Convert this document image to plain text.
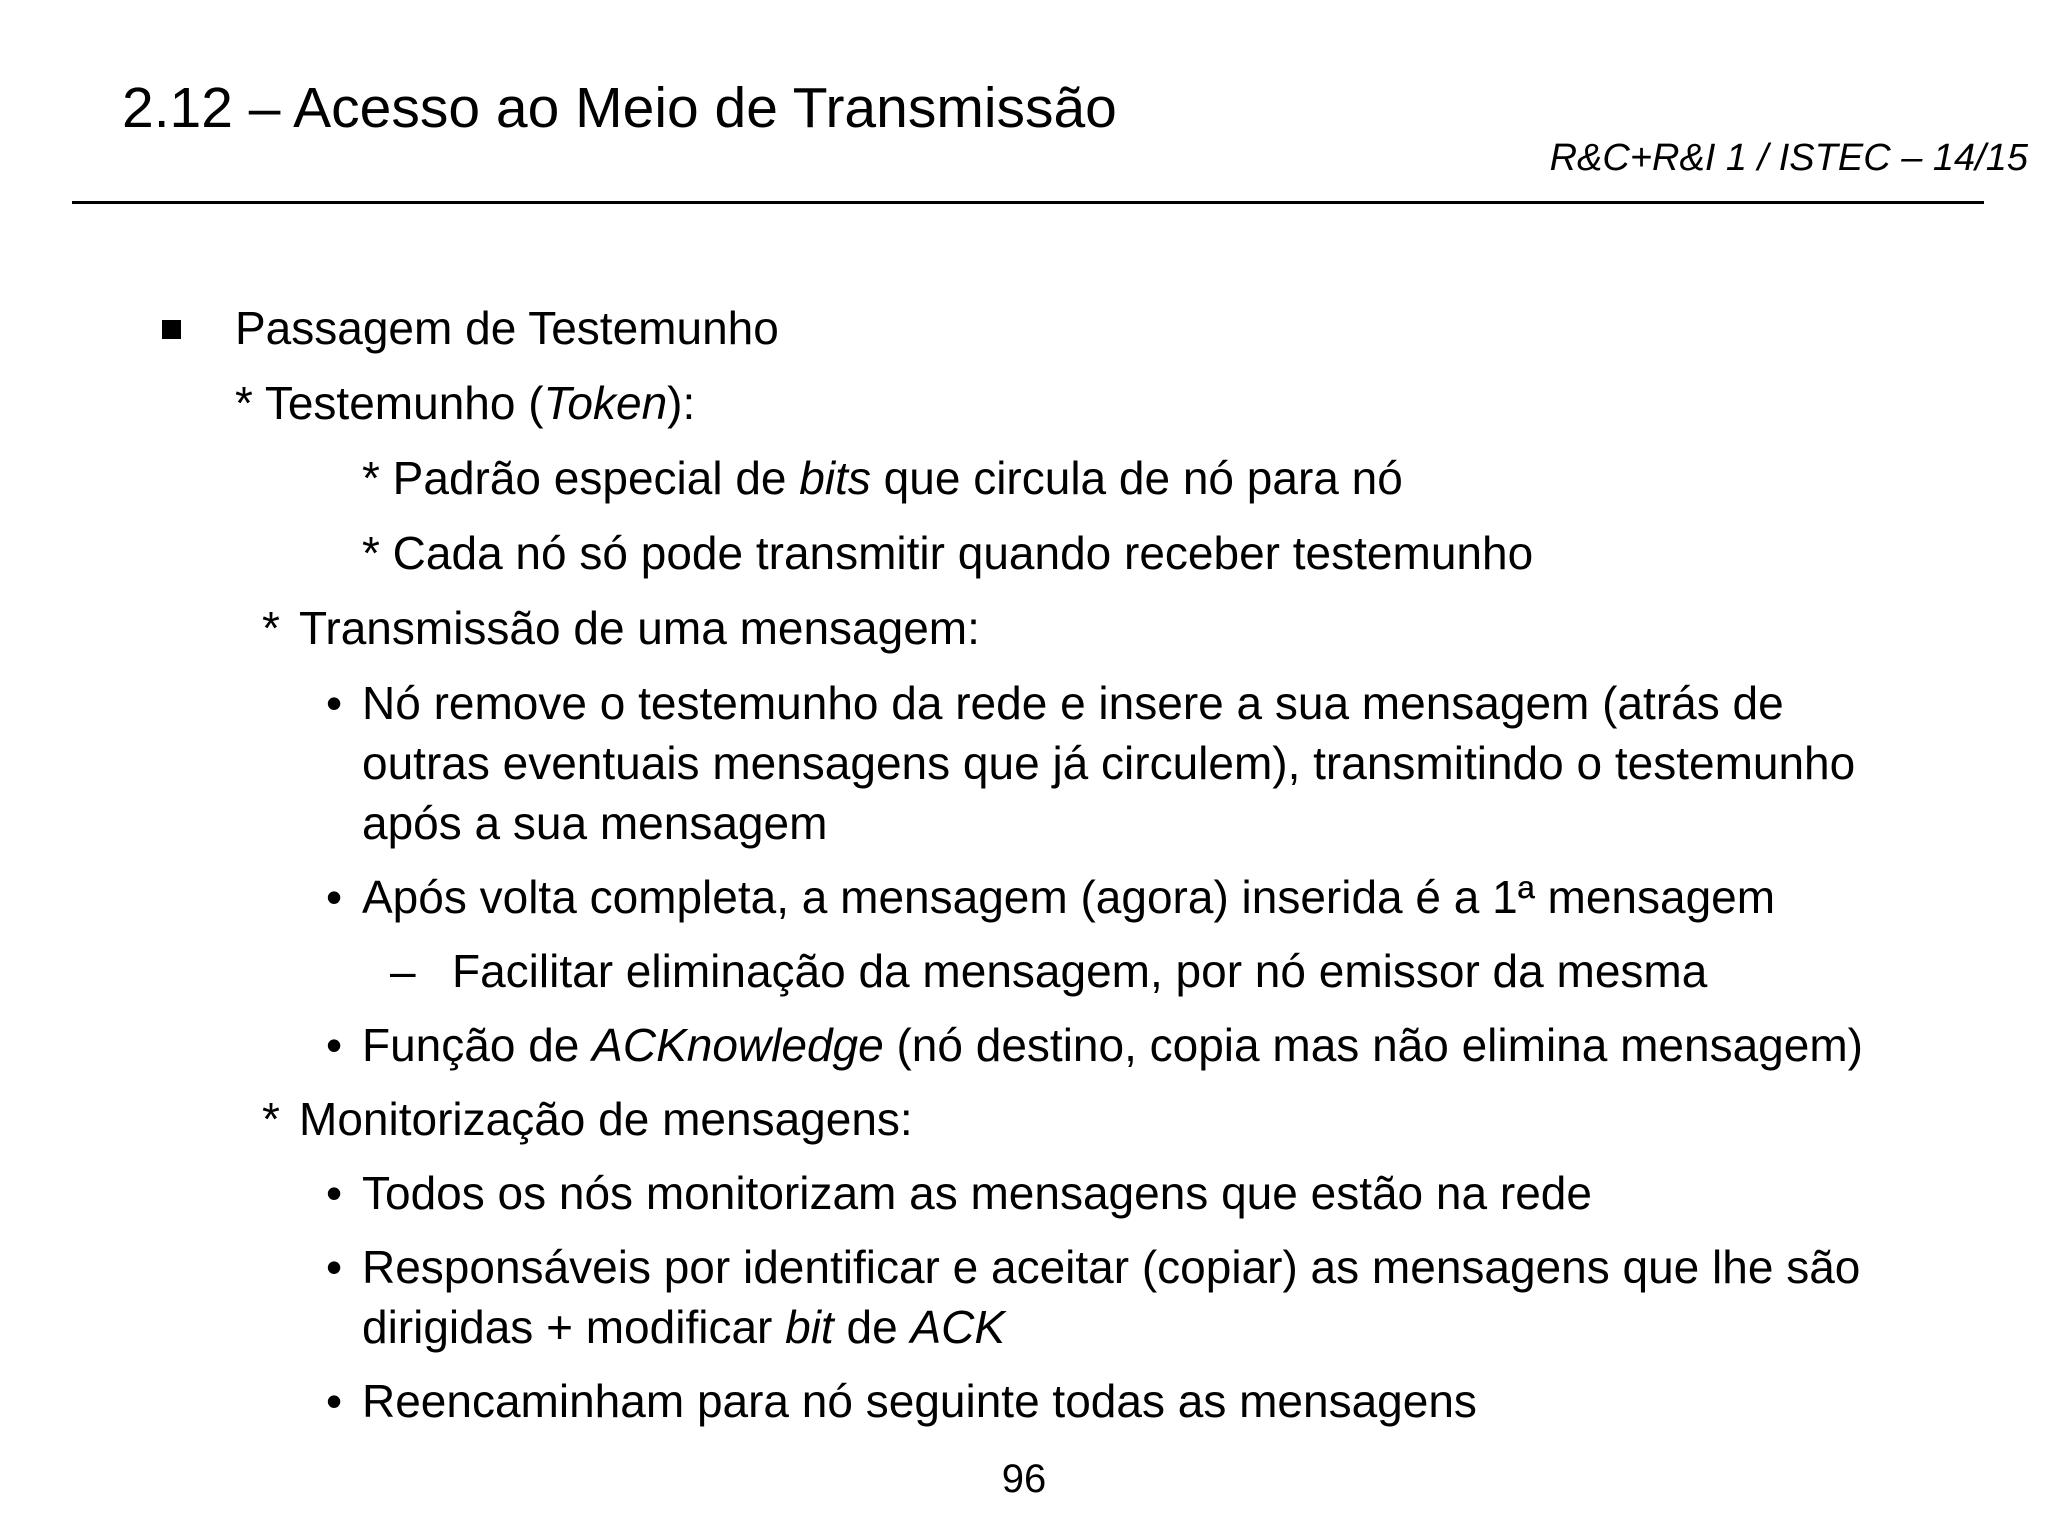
2.12 – Acesso ao Meio de Transmissão
R&C+R&I 1 / ISTEC – 14/15
Passagem de Testemunho
* Testemunho (Token):
* Padrão especial de bits que circula de nó para nó
* Cada nó só pode transmitir quando receber testemunho
* Transmissão de uma mensagem:
• Nó remove o testemunho da rede e insere a sua mensagem (atrás de
outras eventuais mensagens que já circulem), transmitindo o testemunho
após a sua mensagem
• Após volta completa, a mensagem (agora) inserida é a 1ª mensagem
– Facilitar eliminação da mensagem, por nó emissor da mesma
• Função de ACKnowledge (nó destino, copia mas não elimina mensagem)
* Monitorização de mensagens:
• Todos os nós monitorizam as mensagens que estão na rede
• Responsáveis por identificar e aceitar (copiar) as mensagens que lhe são
dirigidas + modificar bit de ACK
• Reencaminham para nó seguinte todas as mensagens
96
